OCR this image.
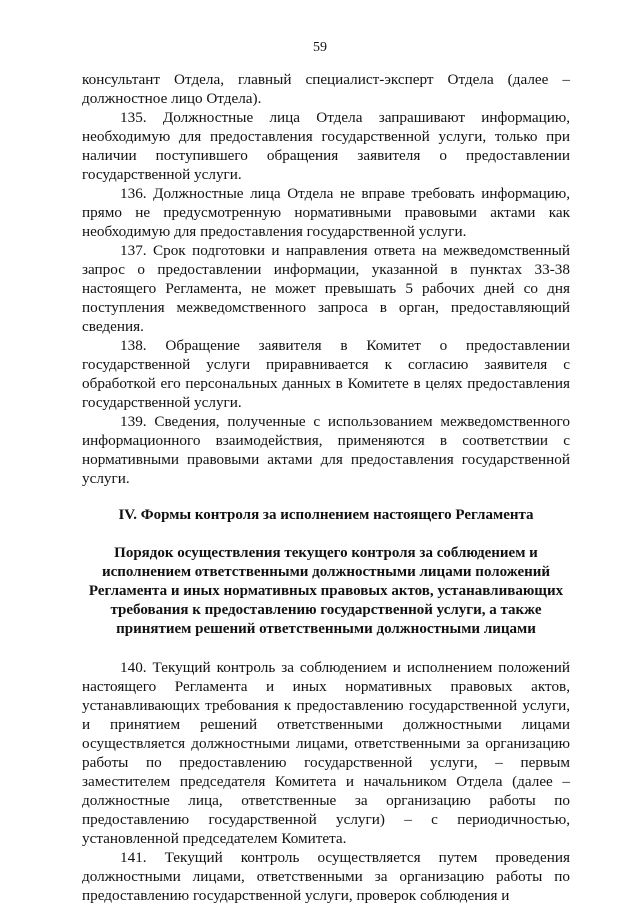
59

консультант Отдела, главный специалист-эксперт Отдела (далее – должностное лицо Отдела).

135. Должностные лица Отдела запрашивают информацию, необходимую для предоставления государственной услуги, только при наличии поступившего обращения заявителя о предоставлении государственной услуги.

136. Должностные лица Отдела не вправе требовать информацию, прямо не предусмотренную нормативными правовыми актами как необходимую для предоставления государственной услуги.

137. Срок подготовки и направления ответа на межведомственный запрос о предоставлении информации, указанной в пунктах 33-38 настоящего Регламента, не может превышать 5 рабочих дней со дня поступления межведомственного запроса в орган, предоставляющий сведения.

138. Обращение заявителя в Комитет о предоставлении государственной услуги приравнивается к согласию заявителя с обработкой его персональных данных в Комитете в целях предоставления государственной услуги.

139. Сведения, полученные с использованием межведомственного информационного взаимодействия, применяются в соответствии с нормативными правовыми актами для предоставления государственной услуги.

IV. Формы контроля за исполнением настоящего Регламента
Порядок осуществления текущего контроля за соблюдением и исполнением ответственными должностными лицами положений Регламента и иных нормативных правовых актов, устанавливающих требования к предоставлению государственной услуги, а также принятием решений ответственными должностными лицами

140. Текущий контроль за соблюдением и исполнением положений настоящего Регламента и иных нормативных правовых актов, устанавливающих требования к предоставлению государственной услуги, и принятием решений ответственными должностными лицами осуществляется должностными лицами, ответственными за организацию работы по предоставлению государственной услуги, – первым заместителем председателя Комитета и начальником Отдела (далее – должностные лица, ответственные за организацию работы по предоставлению государственной услуги) – с периодичностью, установленной председателем Комитета.

141. Текущий контроль осуществляется путем проведения должностными лицами, ответственными за организацию работы по предоставлению государственной услуги, проверок соблюдения и
